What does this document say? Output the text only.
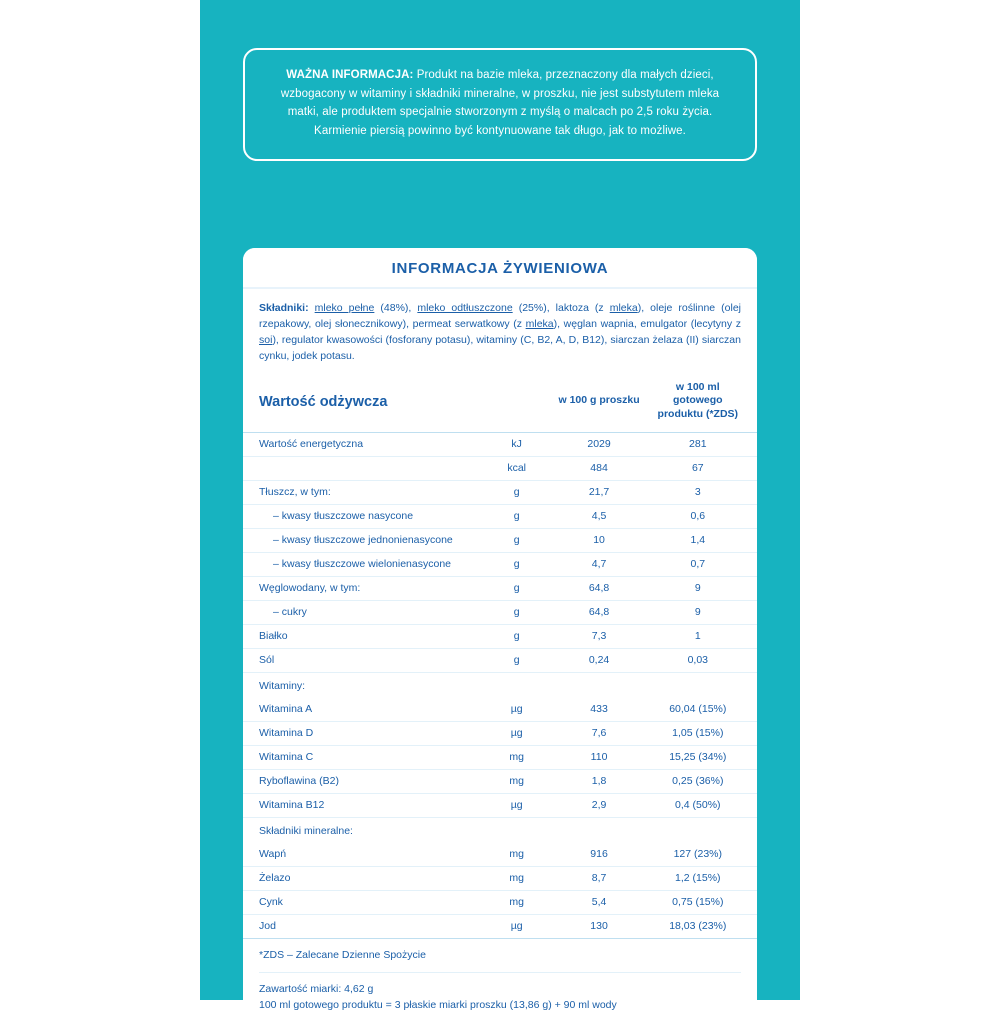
WAŻNA INFORMACJA: Produkt na bazie mleka, przeznaczony dla małych dzieci, wzbogacony w witaminy i składniki mineralne, w proszku, nie jest substytutem mleka matki, ale produktem specjalnie stworzonym z myślą o malcach po 2,5 roku życia. Karmienie piersią powinno być kontynuowane tak długo, jak to możliwe.

INFORMACJA ŻYWIENIOWA
Składniki: mleko pełne (48%), mleko odtłuszczone (25%), laktoza (z mleka), oleje roślinne (olej rzepakowy, olej słonecznikowy), permeat serwatkowy (z mleka), węglan wapnia, emulgator (lecytyny z soi), regulator kwasowości (fosforany potasu), witaminy (C, B2, A, D, B12), siarczan żelaza (II) siarczan cynku, jodek potasu.
Wartość odżywcza		w 100 g proszku	w 100 ml gotowego produktu (*ZDS)
Wartość energetyczna	kJ	2029	281
	kcal	484	67
Tłuszcz, w tym:	g	21,7	3
– kwasy tłuszczowe nasycone	g	4,5	0,6
– kwasy tłuszczowe jednonienasycone	g	10	1,4
– kwasy tłuszczowe wielonienasycone	g	4,7	0,7
Węglowodany, w tym:	g	64,8	9
– cukry	g	64,8	9
Białko	g	7,3	1
Sól	g	0,24	0,03
Witaminy:			
Witamina A	µg	433	60,04 (15%)
Witamina D	µg	7,6	1,05 (15%)
Witamina C	mg	110	15,25 (34%)
Ryboflawina (B2)	mg	1,8	0,25 (36%)
Witamina B12	µg	2,9	0,4 (50%)
Składniki mineralne:			
Wapń	mg	916	127 (23%)
Żelazo	mg	8,7	1,2 (15%)
Cynk	mg	5,4	0,75 (15%)
Jod	µg	130	18,03 (23%)
*ZDS – Zalecane Dzienne Spożycie
Zawartość miarki: 4,62 g
100 ml gotowego produktu = 3 płaskie miarki proszku (13,86 g) + 90 ml wody
